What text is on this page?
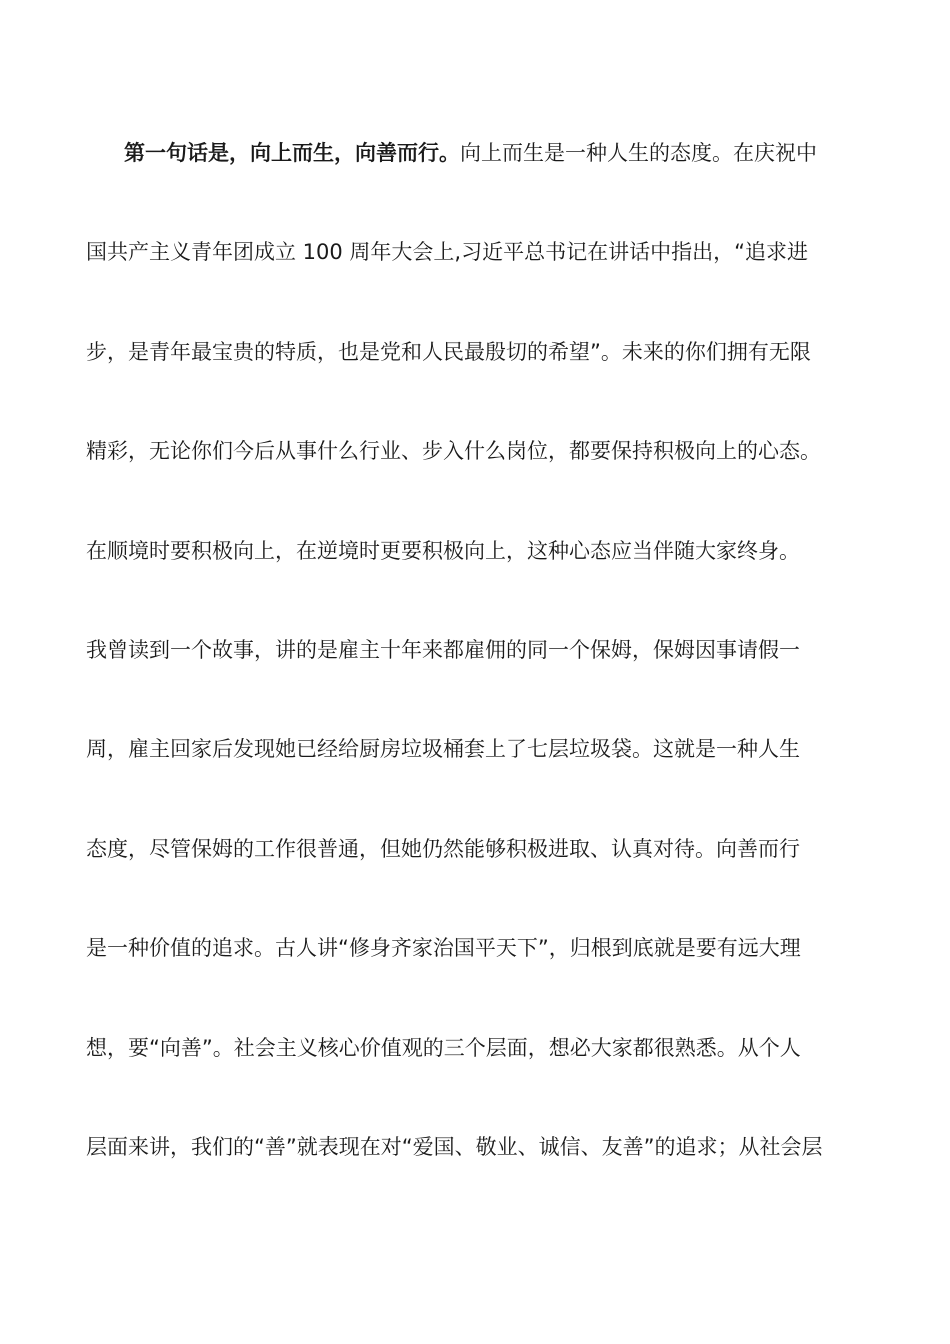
第一句话是，向上而生，向善而行。向上而生是一种人生的态度。在庆祝中
国共产主义青年团成立 100 周年大会上,习近平总书记在讲话中指出，“追求进
步，是青年最宝贵的特质，也是党和人民最殷切的希望”。未来的你们拥有无限
精彩，无论你们今后从事什么行业、步入什么岗位，都要保持积极向上的心态。
在顺境时要积极向上，在逆境时更要积极向上，这种心态应当伴随大家终身。
我曾读到一个故事，讲的是雇主十年来都雇佣的同一个保姆，保姆因事请假一
周，雇主回家后发现她已经给厨房垃圾桶套上了七层垃圾袋。这就是一种人生
态度，尽管保姆的工作很普通，但她仍然能够积极进取、认真对待。向善而行
是一种价值的追求。古人讲“修身齐家治国平天下”，归根到底就是要有远大理
想，要“向善”。社会主义核心价值观的三个层面，想必大家都很熟悉。从个人
层面来讲，我们的“善”就表现在对“爱国、敬业、诚信、友善”的追求；从社会层
